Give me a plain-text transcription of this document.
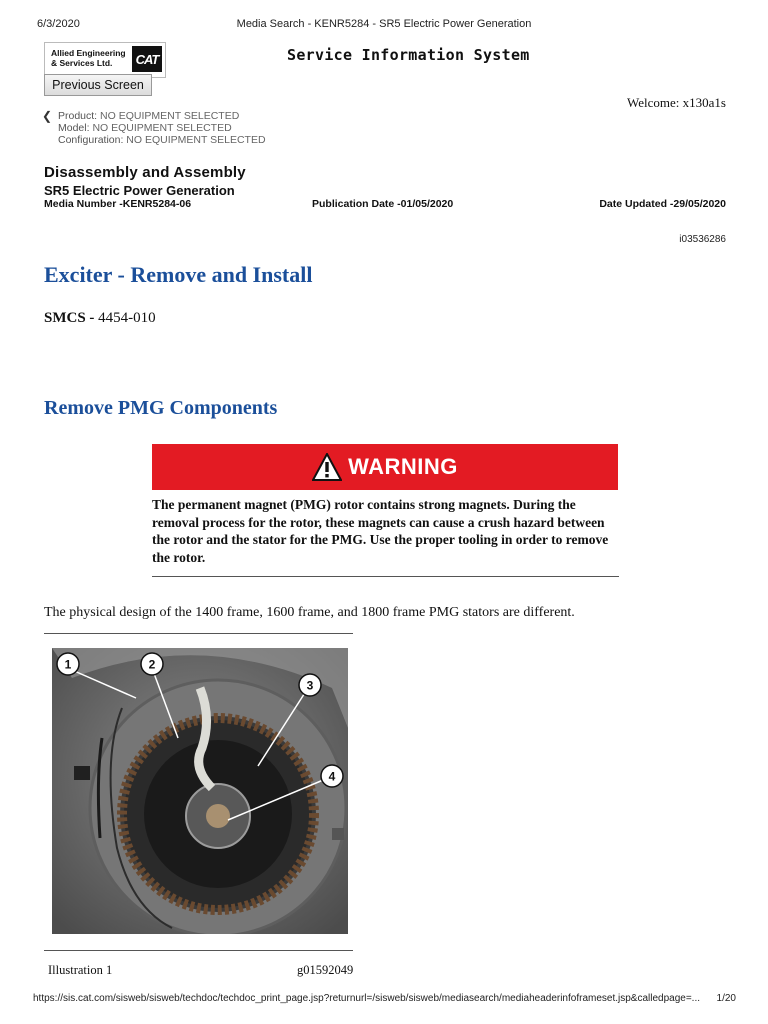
6/3/2020	Media Search - KENR5284 - SR5 Electric Power Generation
Allied Engineering & Services Ltd.	CAT
Previous Screen
Service Information System
Welcome: x130a1s
❮ Product: NO EQUIPMENT SELECTED
Model: NO EQUIPMENT SELECTED
Configuration: NO EQUIPMENT SELECTED
Disassembly and Assembly
SR5 Electric Power Generation
Media Number -KENR5284-06	Publication Date -01/05/2020	Date Updated -29/05/2020
i03536286
Exciter - Remove and Install
SMCS - 4454-010
Remove PMG Components
WARNING
The permanent magnet (PMG) rotor contains strong magnets. During the removal process for the rotor, these magnets can cause a crush hazard between the rotor and the stator for the PMG. Use the proper tooling in order to remove the rotor.
The physical design of the 1400 frame, 1600 frame, and 1800 frame PMG stators are different.
1	2
3
4
Illustration 1	g01592049
https://sis.cat.com/sisweb/sisweb/techdoc/techdoc_print_page.jsp?returnurl=/sisweb/sisweb/mediasearch/mediaheaderinfoframeset.jsp&calledpage=...	1/20
